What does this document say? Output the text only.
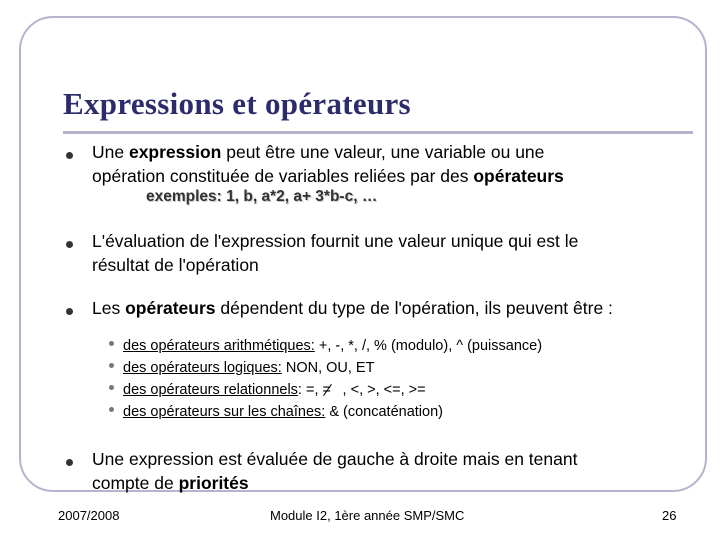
Expressions et opérateurs
Une expression peut être une valeur, une variable ou une
opération constituée de variables reliées par des opérateurs
exemples: 1, b, a*2, a+ 3*b-c, …
L'évaluation de l'expression fournit une valeur unique qui est le
résultat de l'opération
Les opérateurs dépendent du type de l'opération, ils peuvent être :
des opérateurs arithmétiques: +, -, *, /, % (modulo), ^ (puissance)
des opérateurs logiques: NON, OU, ET
des opérateurs relationnels: =, = , <, >, <=, >=
des opérateurs sur les chaînes: & (concaténation)
Une expression est évaluée de gauche à droite mais en tenant
compte de priorités
2007/2008	Module I2, 1ère année SMP/SMC	26
